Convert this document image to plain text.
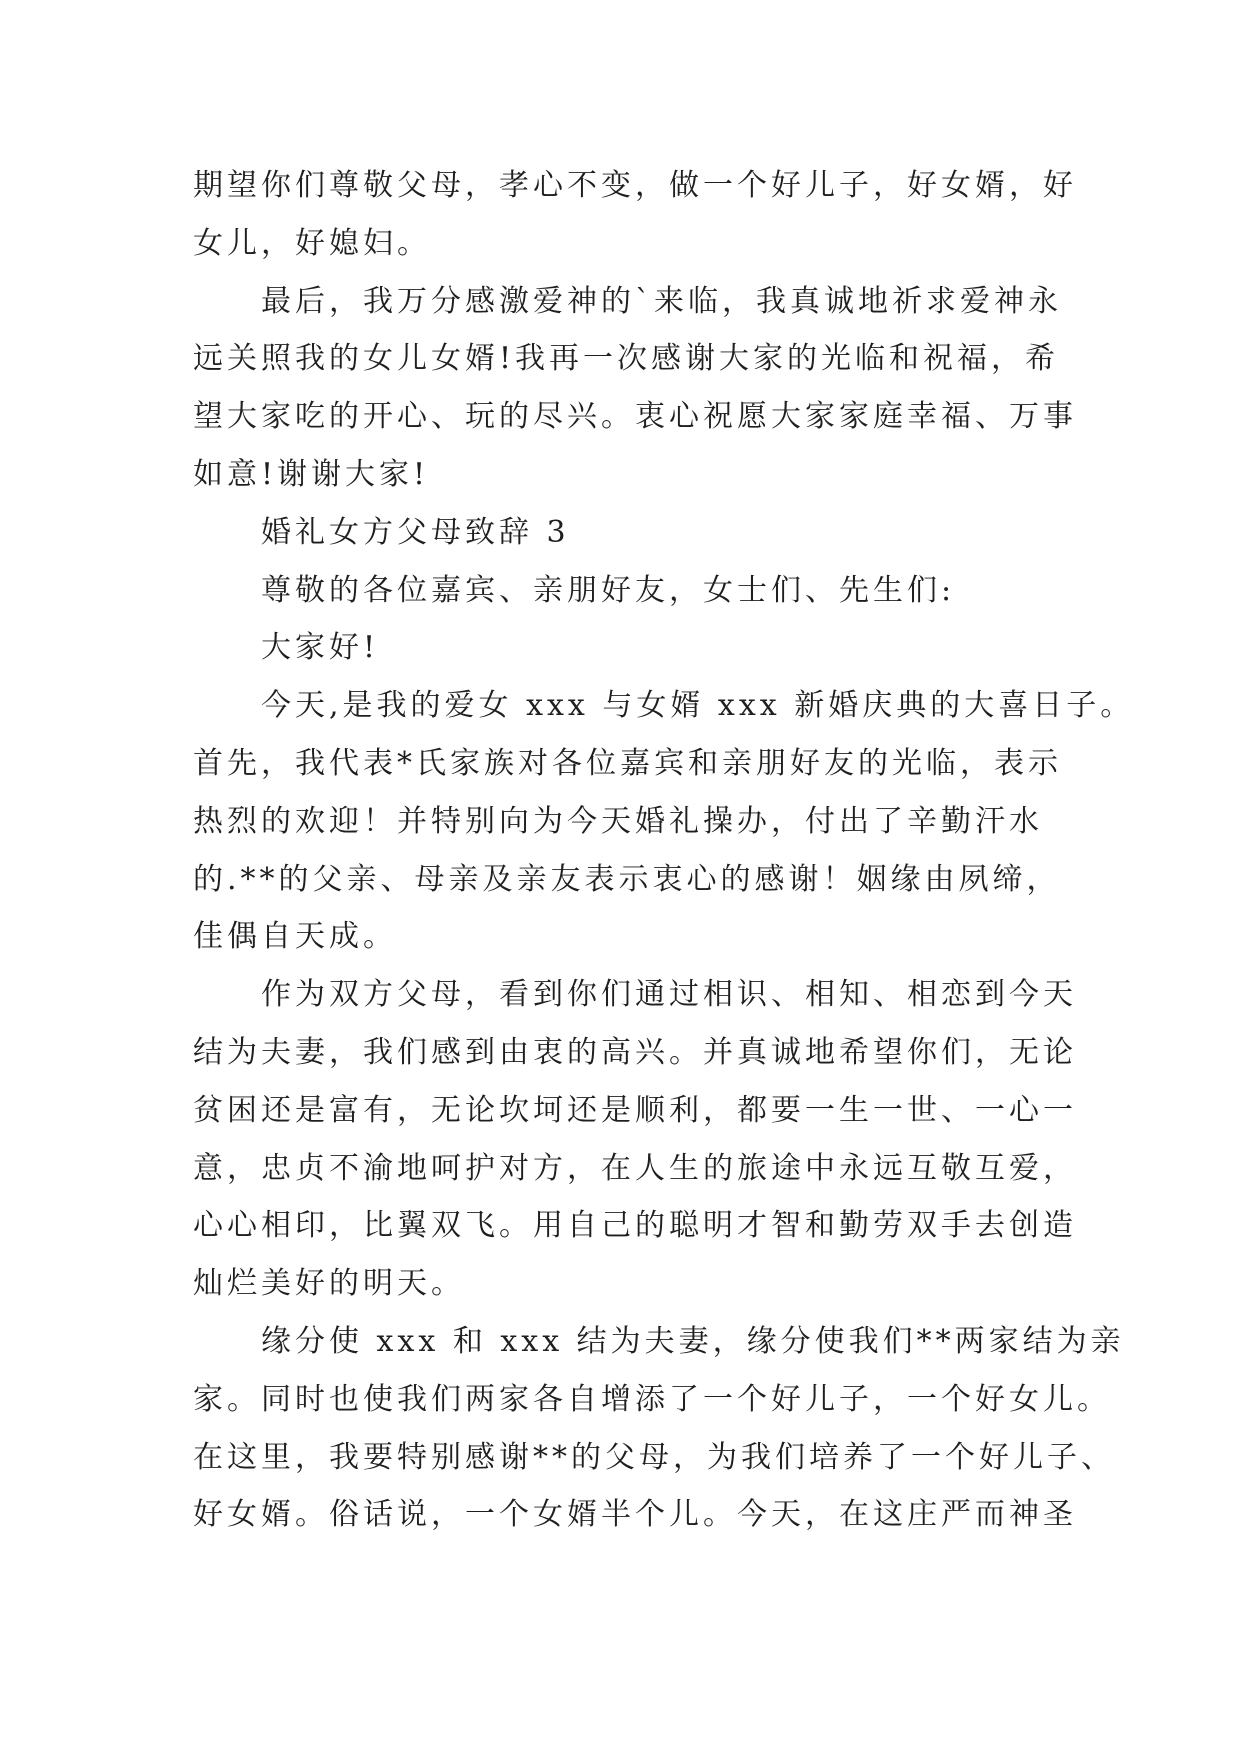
期望你们尊敬父母，孝心不变，做一个好儿子，好女婿，好
女儿，好媳妇。
最后，我万分感激爱神的`来临，我真诚地祈求爱神永
远关照我的女儿女婿!我再一次感谢大家的光临和祝福，希
望大家吃的开心、玩的尽兴。衷心祝愿大家家庭幸福、万事
如意!谢谢大家!
婚礼女方父母致辞 3
尊敬的各位嘉宾、亲朋好友，女士们、先生们:
大家好!
今天,是我的爱女 xxx 与女婿 xxx 新婚庆典的大喜日子。
首先，我代表*氏家族对各位嘉宾和亲朋好友的光临，表示
热烈的欢迎！并特别向为今天婚礼操办，付出了辛勤汗水
的.**的父亲、母亲及亲友表示衷心的感谢！姻缘由夙缔，
佳偶自天成。
作为双方父母，看到你们通过相识、相知、相恋到今天
结为夫妻，我们感到由衷的高兴。并真诚地希望你们，无论
贫困还是富有，无论坎坷还是顺利，都要一生一世、一心一
意，忠贞不渝地呵护对方，在人生的旅途中永远互敬互爱，
心心相印，比翼双飞。用自己的聪明才智和勤劳双手去创造
灿烂美好的明天。
缘分使 xxx 和 xxx 结为夫妻，缘分使我们**两家结为亲
家。同时也使我们两家各自增添了一个好儿子，一个好女儿。
在这里，我要特别感谢**的父母，为我们培养了一个好儿子、
好女婿。俗话说，一个女婿半个儿。今天，在这庄严而神圣
